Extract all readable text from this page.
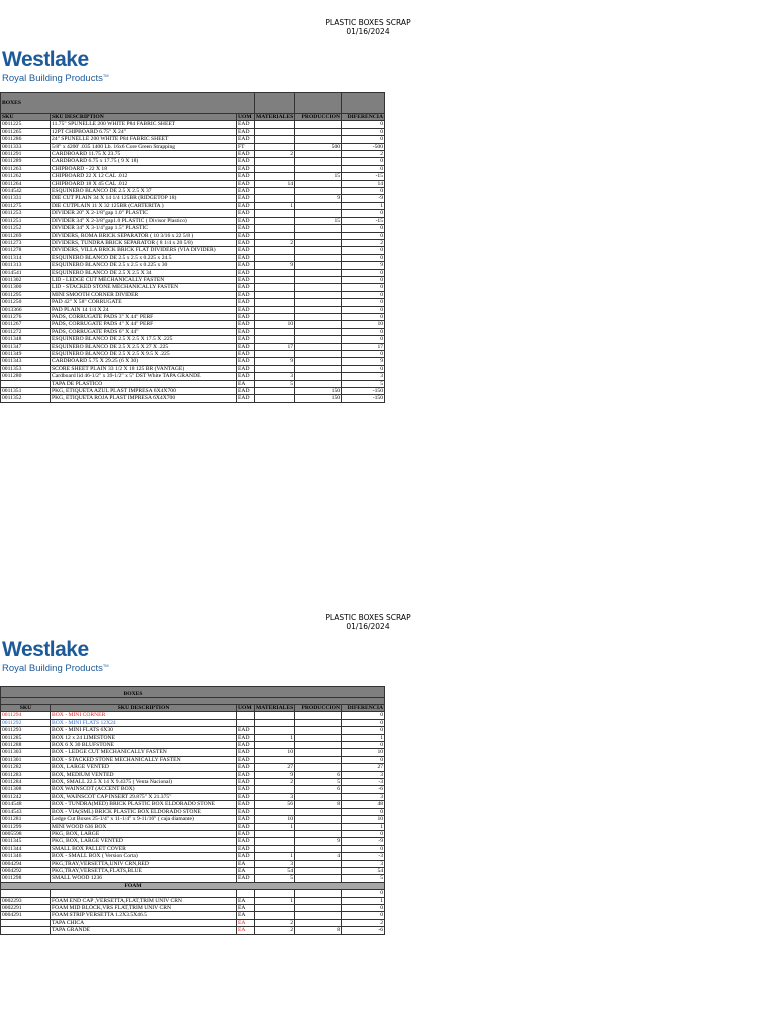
PLASTIC BOXES SCRAP
01/16/2024
Westlake
Royal Building Products™
BOXES					
SKU	SKU DESCRIPTION	UOM	MATERIALES	PRODUCCION	DIFERENCIA
0011225	11.75" SPUNELLE 200 WHITE P84 FABRIC SHEET	EAD			0
0011265	12PT CHIPBOARD 6.75" X 24"	EAD			0
0011286	24" SPUNELLE 200 WHITE P84 FABRIC SHEET	EAD			0
0011333	5/8" x 4200' .035 1400 Lb. 16x6 Core Green Strapping	FT		500	-500
0011291	CARDBOARD 11.75 X 23.75	EAD	2		2
0011289	CARDBOARD 6.75 x 17.75 ( 9 X 18)	EAD			0
0011263	CHIPBOARD - 22 X 18	EAD			0
0011262	CHIPBOARD 22 X 12 CAL .012	EAD		15	-15
0011264	CHIPBOARD 18 X 45 CAL .012	EAD	14		14
0014542	ESQUINERO BLANCO DE 2.5 X 2.5 X 37	EAD			0
0011331	DIE CUT PLAIN 34 X 14 1/4 125BR (RIDGETOP 18)	EAD		9	-9
0011275	DIE CUTPLAIN 11 X 32 125BR (CARTERITA )	EAD	1		1
0011253	DIVIDER 20" X 2-1/8"gap 1.0" PLASTIC	EAD			0
0011251	DIVIDER 34" X 2-3/8"gap1.0 PLASTIC ( Divisor Plastico)	EAD		15	-15
0011252	DIVIDER 34" X 3-1/4"gap 1.5" PLASTIC	EAD			0
0011269	DIVIDERS, ROMA BRICK SEPARATOR ( 10 3/16 x 22 5/8 )	EAD			0
0011273	DIVIDERS, TUNDRA BRICK SEPARATOR ( 8 1/4 x 20 5/8)	EAD	2		2
0011278	DIVIDERS, VILLA BRICK BRICK FLAT DIVIDERS (VIA DIVIDER)	EAD			0
0011314	ESQUINERO BLANCO DE 2.5 x 2.5 x 0.225 x 24.5	EAD			0
0011313	ESQUINERO BLANCO DE 2.5 x 2.5 x 0.225 x 30	EAD	9		9
0014541	ESQUINERO BLANCO DE 2.5 X 2.5 X 34	EAD			0
0011302	LID - LEDGE CUT MECHANICALLY FASTEN	EAD			0
0011300	LID - STACKED STONE MECHANICALLY FASTEN	EAD			0
0011295	MINI SMOOTH CORNER DIVIDER	EAD			0
0011250	PAD 42" X 58" CORRUGATE	EAD			0
0013366	PAD PLAIN 14 1/4 X 24	EAD			0
0011276	PADS, CORRUGATE PADS 3" X 44" PERF	EAD			0
0011267	PADS, CORRUGATE PADS 4" X 44" PERF	EAD	10		10
0011272	PADS, CORRUGATE PADS 6" X 44"	EAD			0
0011348	ESQUINERO BLANCO DE 2.5 X 2.5 X 17.5 X .225	EAD			0
0011347	ESQUINERO BLANCO DE 2.5 X 2.5 X 27 X .225	EAD	17		17
0011349	ESQUINERO BLANCO DE 2.5 X 2.5 X 9.5 X .225	EAD			0
0011343	CARDBOARD 5.75 X 29.25 (6 X 30)	EAD	9		9
0011353	SCORE SHEET PLAIN 33 1/2 X 18 125 BR (VANTAGE)	EAD			0
0011280	Cardboard lid 46-1/2" x 39-1/2" x 5" DST White TAPA GRANDE	EAD	3		3
	TAPA DE PLASTICO	EA	5		5
0011351	PKG, ETIQUETA AZUL PLAST IMPRESA 6X4X700	EAD		150	-150
0011352	PKG, ETIQUETA ROJA PLAST IMPRESA 6X4X700	EAD		150	-150
PLASTIC BOXES SCRAP
01/16/2024
Westlake
Royal Building Products™
BOXES					

SKU	SKU DESCRIPTION	UOM	MATERIALES	PRODUCCION	DIFERENCIA
0011294	BOX - MINI CORNER				0
0011292	BOX - MINI FLATS 12X24				0
0011293	BOX - MINI FLATS 6X30	EAD			0
0011285	BOX 12 x 24 LIMESTONE	EAD	1		1
0011288	BOX 6 X 30 BLUFSTONE	EAD			0
0011303	BOX - LEDGE CUT MECHANICALLY FASTEN	EAD	10		10
0011301	BOX - STACKED STONE MECHANICALLY FASTEN	EAD			0
0011282	BOX, LARGE VENTED	EAD	27		27
0011283	BOX, MEDIUM VENTED	EAD	9	6	3
0011284	BOX, SMALL 22.5 X 14 X 9.4375 ( Venta Nacional)	EAD	2	5	-3
0011308	BOX WAINSCOT (ACCENT BOX)	EAD		6	-6
0011242	BOX, WAINSCOT CAP INSERT 29.875" X 21.375"	EAD	3		3
0014548	BOX - TUNDRA(MED) BRICK PLASTIC BOX ELDORADO STONE	EAD	56	8	48
0014543	BOX - VIA(SML) BRICK PLASTIC BOX ELDORADO STONE	EAD			0
0011281	Ledge Cut Boxes 25-1/4" x 11-1/4" x 9-11/16" ( caja diamante)	EAD	10		10
0011299	MINI WOOD 636 BOX	EAD	1		1
0005598	PKG, BOX, LARGE	EAD			0
0011345	PKG, BOX, LARGE VENTED	EAD		9	-9
0011344	SMALL BOX PALLET COVER	EAD			0
0011346	BOX - SMALL BOX ( Version Corta)	EAD	1	4	-3
0004294	PKG,TRAY,VERSETTA,UNIV CRN,RED	EA	3		3
0004292	PKG,TRAY,VERSETTA,FLATS,BLUE	EA	54		54
0011298	SMALL WOOD 1236	EAD	5		5
FOAM					
					0
0002293	FOAM END CAP ,VERSETTA,FLAT,TRIM UNIV CRN	EA	1		1
0002291	FOAM MID BLOCK,VRS FLAT,TRIM UNIV CRN	EA			0
0004291	FOAM STRIP VERSETTA 1.2X3.5X46.5	EA			0
	TAPA CHICA	EA	2		2
	TAPA GRANDE	EA	2	8	-6
